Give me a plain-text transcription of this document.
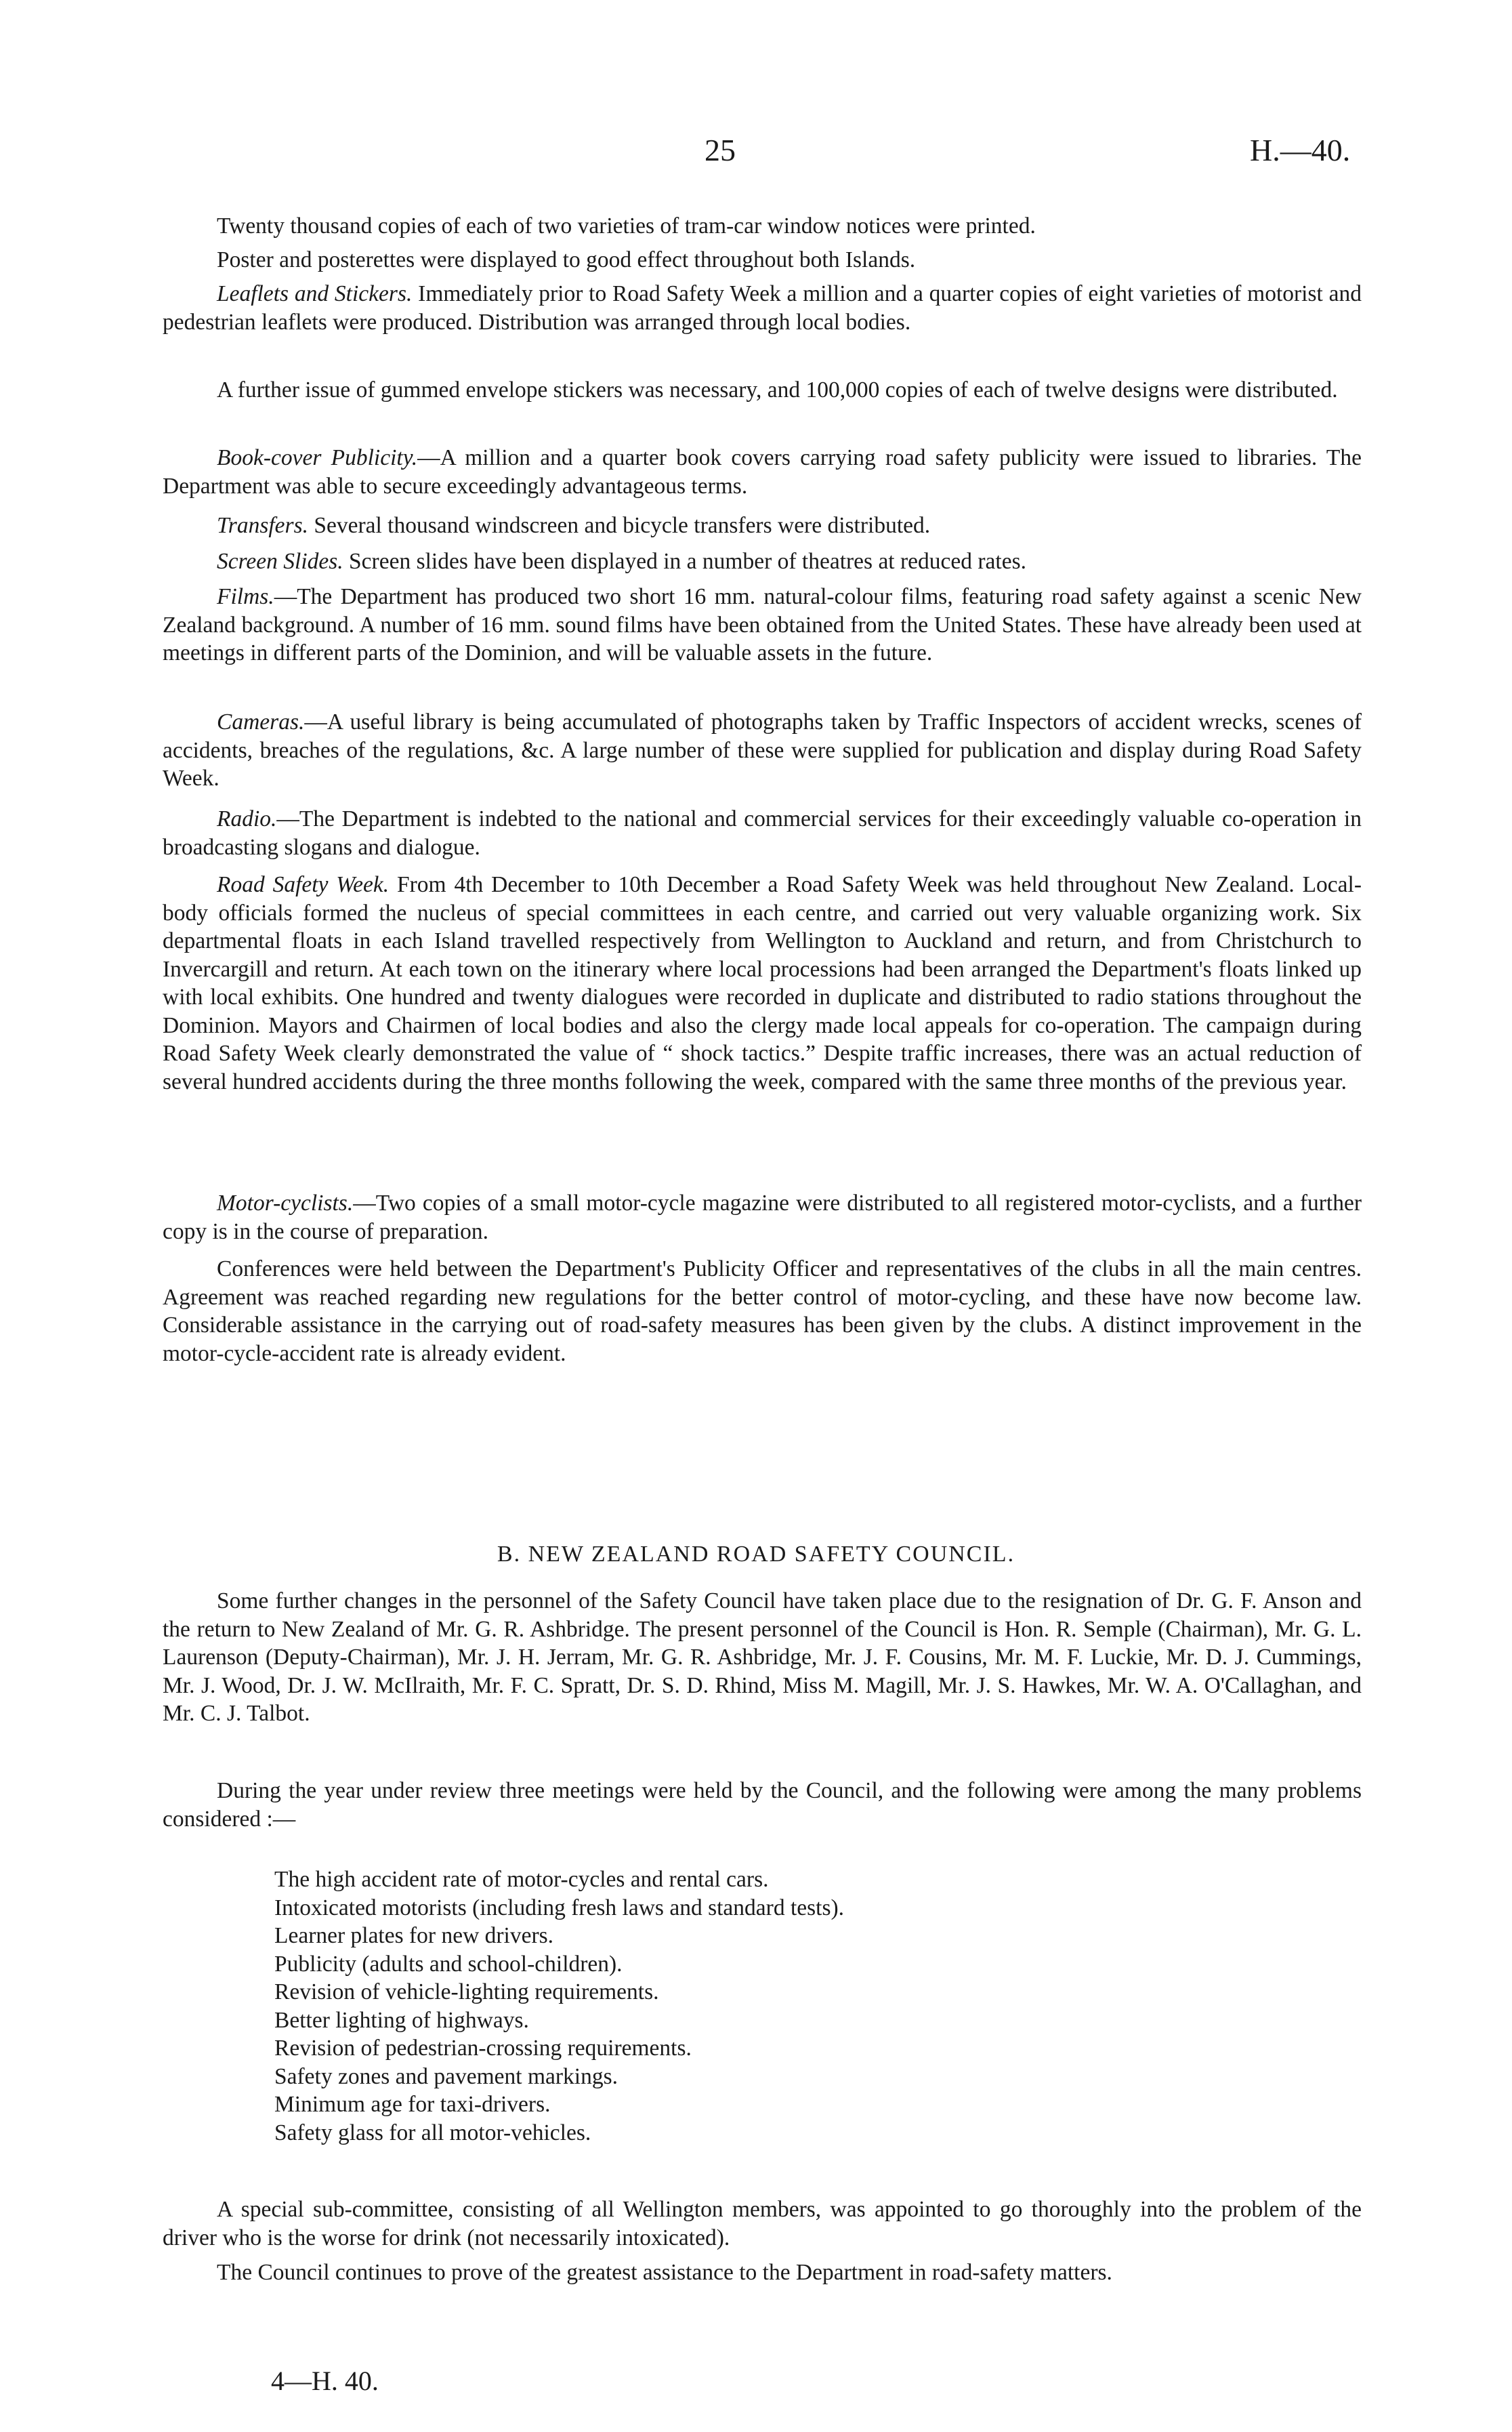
25	H.—40.

Twenty thousand copies of each of two varieties of tram-car window notices were printed.

Poster and posterettes were displayed to good effect throughout both Islands.

Leaflets and Stickers. Immediately prior to Road Safety Week a million and a quarter copies of eight varieties of motorist and pedestrian leaflets were produced. Distribution was arranged through local bodies.

A further issue of gummed envelope stickers was necessary, and 100,000 copies of each of twelve designs were distributed.

Book-cover Publicity.—A million and a quarter book covers carrying road safety publicity were issued to libraries. The Department was able to secure exceedingly advantageous terms.

Transfers. Several thousand windscreen and bicycle transfers were distributed.

Screen Slides. Screen slides have been displayed in a number of theatres at reduced rates.

Films.—The Department has produced two short 16 mm. natural-colour films, featuring road safety against a scenic New Zealand background. A number of 16 mm. sound films have been obtained from the United States. These have already been used at meetings in different parts of the Dominion, and will be valuable assets in the future.

Cameras.—A useful library is being accumulated of photographs taken by Traffic Inspectors of accident wrecks, scenes of accidents, breaches of the regulations, &c. A large number of these were supplied for publication and display during Road Safety Week.

Radio.—The Department is indebted to the national and commercial services for their exceedingly valuable co-operation in broadcasting slogans and dialogue.

Road Safety Week. From 4th December to 10th December a Road Safety Week was held throughout New Zealand. Local-body officials formed the nucleus of special committees in each centre, and carried out very valuable organizing work. Six departmental floats in each Island travelled respectively from Wellington to Auckland and return, and from Christchurch to Invercargill and return. At each town on the itinerary where local processions had been arranged the Department's floats linked up with local exhibits. One hundred and twenty dialogues were recorded in duplicate and distributed to radio stations throughout the Dominion. Mayors and Chairmen of local bodies and also the clergy made local appeals for co-operation. The campaign during Road Safety Week clearly demonstrated the value of “ shock tactics.” Despite traffic increases, there was an actual reduction of several hundred accidents during the three months following the week, compared with the same three months of the previous year.

Motor-cyclists.—Two copies of a small motor-cycle magazine were distributed to all registered motor-cyclists, and a further copy is in the course of preparation.

Conferences were held between the Department's Publicity Officer and representatives of the clubs in all the main centres. Agreement was reached regarding new regulations for the better control of motor-cycling, and these have now become law. Considerable assistance in the carrying out of road-safety measures has been given by the clubs. A distinct improvement in the motor-cycle-accident rate is already evident.

B. NEW ZEALAND ROAD SAFETY COUNCIL.

Some further changes in the personnel of the Safety Council have taken place due to the resignation of Dr. G. F. Anson and the return to New Zealand of Mr. G. R. Ashbridge. The present personnel of the Council is Hon. R. Semple (Chairman), Mr. G. L. Laurenson (Deputy-Chairman), Mr. J. H. Jerram, Mr. G. R. Ashbridge, Mr. J. F. Cousins, Mr. M. F. Luckie, Mr. D. J. Cummings, Mr. J. Wood, Dr. J. W. McIlraith, Mr. F. C. Spratt, Dr. S. D. Rhind, Miss M. Magill, Mr. J. S. Hawkes, Mr. W. A. O'Callaghan, and Mr. C. J. Talbot.

During the year under review three meetings were held by the Council, and the following were among the many problems considered :—

The high accident rate of motor-cycles and rental cars.
Intoxicated motorists (including fresh laws and standard tests).
Learner plates for new drivers.
Publicity (adults and school-children).
Revision of vehicle-lighting requirements.
Better lighting of highways.
Revision of pedestrian-crossing requirements.
Safety zones and pavement markings.
Minimum age for taxi-drivers.
Safety glass for all motor-vehicles.

A special sub-committee, consisting of all Wellington members, was appointed to go thoroughly into the problem of the driver who is the worse for drink (not necessarily intoxicated).

The Council continues to prove of the greatest assistance to the Department in road-safety matters.

4—H. 40.
